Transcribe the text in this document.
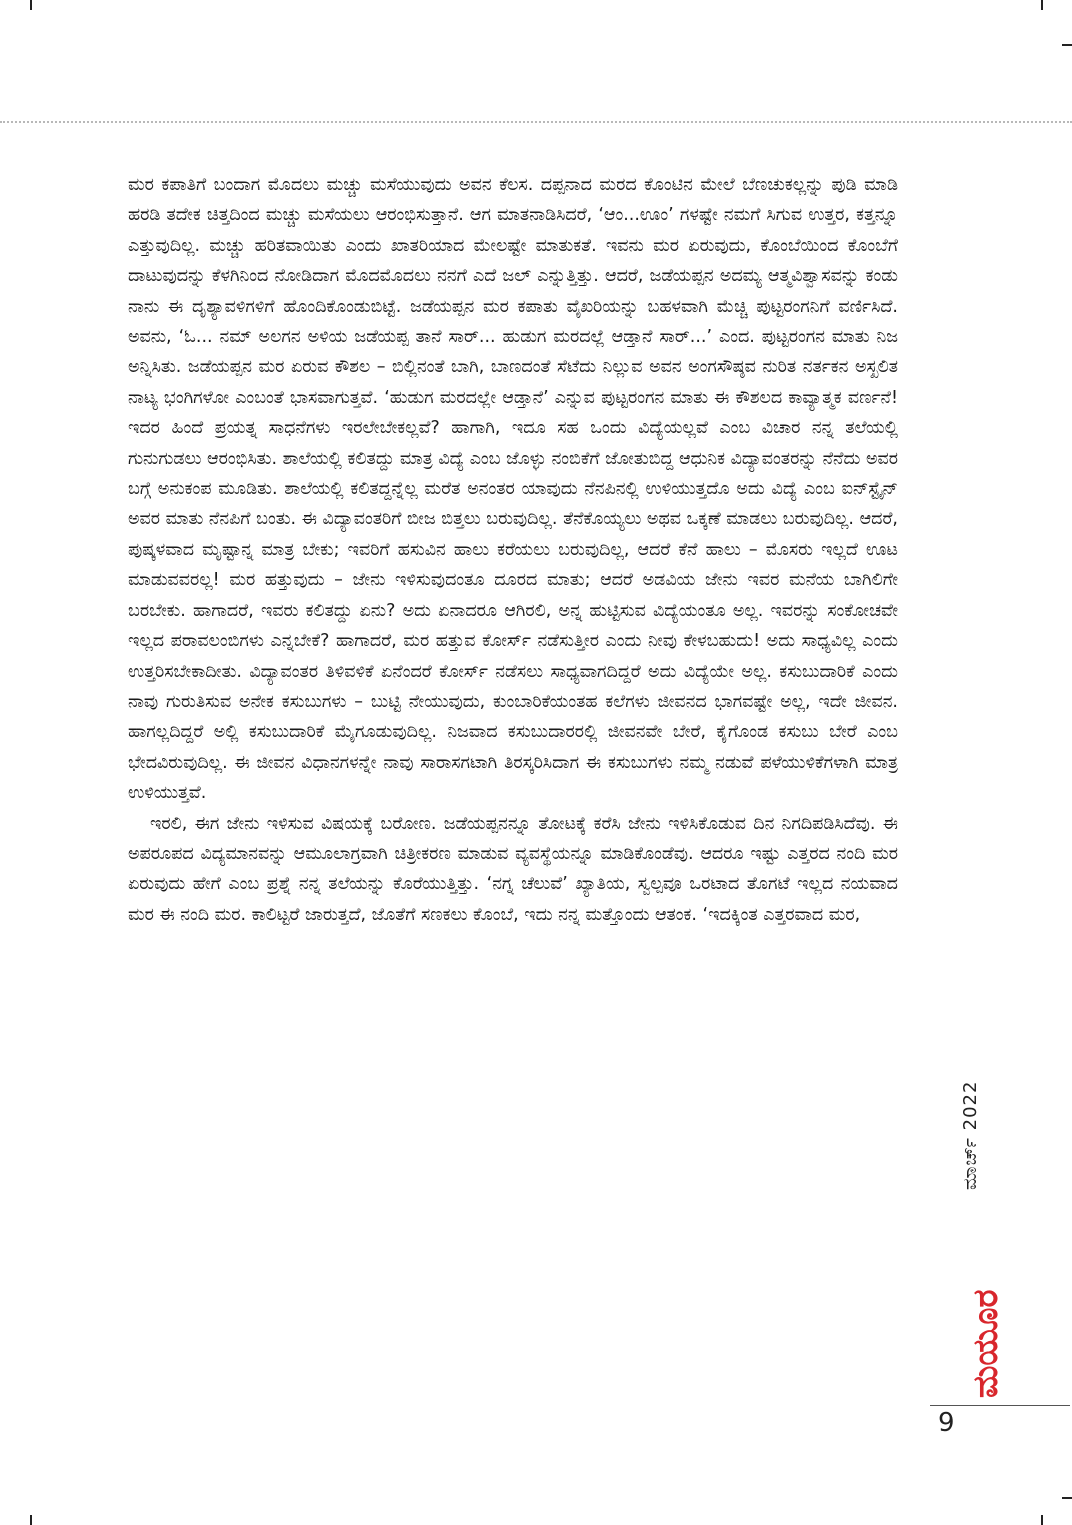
ಮರ ಕಪಾತಿಗೆ ಬಂದಾಗ ಮೊದಲು ಮಚ್ಚು ಮಸೆಯುವುದು ಅವನ ಕೆಲಸ. ದಪ್ಪನಾದ ಮರದ ಕೊಂಟಿನ ಮೇಲೆ ಬೆಣಚುಕಲ್ಲನ್ನು ಪುಡಿ ಮಾಡಿ ಹರಡಿ ತದೇಕ ಚಿತ್ತದಿಂದ ಮಚ್ಚು ಮಸೆಯಲು ಆರಂಭಿಸುತ್ತಾನೆ. ಆಗ ಮಾತನಾಡಿಸಿದರೆ, ‘ಆಂ...ಊಂ’ ಗಳಷ್ಟೇ ನಮಗೆ ಸಿಗುವ ಉತ್ತರ, ಕತ್ತನ್ನೂ ಎತ್ತುವುದಿಲ್ಲ. ಮಚ್ಚು ಹರಿತವಾಯಿತು ಎಂದು ಖಾತರಿಯಾದ ಮೇಲಷ್ಟೇ ಮಾತುಕತೆ. ಇವನು ಮರ ಏರುವುದು, ಕೊಂಬೆಯಿಂದ ಕೊಂಬೆಗೆ ದಾಟುವುದನ್ನು ಕೆಳಗಿನಿಂದ ನೋಡಿದಾಗ ಮೊದಮೊದಲು ನನಗೆ ಎದೆ ಜಲ್ ಎನ್ನುತ್ತಿತ್ತು. ಆದರೆ, ಜಡೆಯಪ್ಪನ ಅದಮ್ಯ ಆತ್ಮವಿಶ್ವಾಸವನ್ನು ಕಂಡು ನಾನು ಈ ದೃಶ್ಯಾವಳಿಗಳಿಗೆ ಹೊಂದಿಕೊಂಡುಬಿಟ್ಟೆ. ಜಡೆಯಪ್ಪನ ಮರ ಕಪಾತು ವೈಖರಿಯನ್ನು ಬಹಳವಾಗಿ ಮೆಚ್ಚಿ ಪುಟ್ಟರಂಗನಿಗೆ ವರ್ಣಿಸಿದೆ. ಅವನು, ‘ಓ... ನಮ್ ಅಲಗನ ಅಳಿಯ ಜಡೆಯಪ್ಪ ತಾನೆ ಸಾರ್... ಹುಡುಗ ಮರದಲ್ಲೆ ಆಡ್ತಾನೆ ಸಾರ್...’ ಎಂದ. ಪುಟ್ಟರಂಗನ ಮಾತು ನಿಜ ಅನ್ನಿಸಿತು. ಜಡೆಯಪ್ಪನ ಮರ ಏರುವ ಕೌಶಲ – ಬಿಲ್ಲಿನಂತೆ ಬಾಗಿ, ಬಾಣದಂತೆ ಸೆಟೆದು ನಿಲ್ಲುವ ಅವನ ಅಂಗಸೌಷ್ಠವ ನುರಿತ ನರ್ತಕನ ಅಸ್ಖಲಿತ ನಾಟ್ಯ ಭಂಗಿಗಳೋ ಎಂಬಂತೆ ಭಾಸವಾಗುತ್ತವೆ. ‘ಹುಡುಗ ಮರದಲ್ಲೇ ಆಡ್ತಾನೆ’ ಎನ್ನುವ ಪುಟ್ಟರಂಗನ ಮಾತು ಈ ಕೌಶಲದ ಕಾವ್ಯಾತ್ಮಕ ವರ್ಣನೆ! ಇದರ ಹಿಂದೆ ಪ್ರಯತ್ನ ಸಾಧನೆಗಳು ಇರಲೇಬೇಕಲ್ಲವೆ? ಹಾಗಾಗಿ, ಇದೂ ಸಹ ಒಂದು ವಿದ್ಯೆಯಲ್ಲವೆ ಎಂಬ ವಿಚಾರ ನನ್ನ ತಲೆಯಲ್ಲಿ ಗುನುಗುಡಲು ಆರಂಭಿಸಿತು. ಶಾಲೆಯಲ್ಲಿ ಕಲಿತದ್ದು ಮಾತ್ರ ವಿದ್ಯೆ ಎಂಬ ಜೊಳ್ಳು ನಂಬಿಕೆಗೆ ಜೋತುಬಿದ್ದ ಆಧುನಿಕ ವಿದ್ಯಾವಂತರನ್ನು ನೆನೆದು ಅವರ ಬಗ್ಗೆ ಅನುಕಂಪ ಮೂಡಿತು. ಶಾಲೆಯಲ್ಲಿ ಕಲಿತದ್ದನ್ನೆಲ್ಲ ಮರೆತ ಅನಂತರ ಯಾವುದು ನೆನಪಿನಲ್ಲಿ ಉಳಿಯುತ್ತದೊ ಅದು ವಿದ್ಯೆ ಎಂಬ ಐನ್‌ಸ್ಟೈನ್ ಅವರ ಮಾತು ನೆನಪಿಗೆ ಬಂತು. ಈ ವಿದ್ಯಾವಂತರಿಗೆ ಬೀಜ ಬಿತ್ತಲು ಬರುವುದಿಲ್ಲ. ತೆನೆಕೊಯ್ಯಲು ಅಥವ ಒಕ್ಕಣೆ ಮಾಡಲು ಬರುವುದಿಲ್ಲ. ಆದರೆ, ಪುಷ್ಕಳವಾದ ಮೃಷ್ಟಾನ್ನ ಮಾತ್ರ ಬೇಕು; ಇವರಿಗೆ ಹಸುವಿನ ಹಾಲು ಕರೆಯಲು ಬರುವುದಿಲ್ಲ, ಆದರೆ ಕೆನೆ ಹಾಲು – ಮೊಸರು ಇಲ್ಲದೆ ಊಟ ಮಾಡುವವರಲ್ಲ! ಮರ ಹತ್ತುವುದು – ಜೇನು ಇಳಿಸುವುದಂತೂ ದೂರದ ಮಾತು; ಆದರೆ ಅಡವಿಯ ಜೇನು ಇವರ ಮನೆಯ ಬಾಗಿಲಿಗೇ ಬರಬೇಕು. ಹಾಗಾದರೆ, ಇವರು ಕಲಿತದ್ದು ಏನು? ಅದು ಏನಾದರೂ ಆಗಿರಲಿ, ಅನ್ನ ಹುಟ್ಟಿಸುವ ವಿದ್ಯೆಯಂತೂ ಅಲ್ಲ. ಇವರನ್ನು ಸಂಕೋಚವೇ ಇಲ್ಲದ ಪರಾವಲಂಬಿಗಳು ಎನ್ನಬೇಕೆ? ಹಾಗಾದರೆ, ಮರ ಹತ್ತುವ ಕೋರ್ಸ್ ನಡೆಸುತ್ತೀರ ಎಂದು ನೀವು ಕೇಳಬಹುದು! ಅದು ಸಾಧ್ಯವಿಲ್ಲ ಎಂದು ಉತ್ತರಿಸಬೇಕಾದೀತು. ವಿದ್ಯಾವಂತರ ತಿಳಿವಳಿಕೆ ಏನೆಂದರೆ ಕೋರ್ಸ್ ನಡೆಸಲು ಸಾಧ್ಯವಾಗದಿದ್ದರೆ ಅದು ವಿದ್ಯೆಯೇ ಅಲ್ಲ. ಕಸುಬುದಾರಿಕೆ ಎಂದು ನಾವು ಗುರುತಿಸುವ ಅನೇಕ ಕಸುಬುಗಳು – ಬುಟ್ಟಿ ನೇಯುವುದು, ಕುಂಬಾರಿಕೆಯಂತಹ ಕಲೆಗಳು ಜೀವನದ ಭಾಗವಷ್ಟೇ ಅಲ್ಲ, ಇದೇ ಜೀವನ. ಹಾಗಲ್ಲದಿದ್ದರೆ ಅಲ್ಲಿ ಕಸುಬುದಾರಿಕೆ ಮೈಗೂಡುವುದಿಲ್ಲ. ನಿಜವಾದ ಕಸುಬುದಾರರಲ್ಲಿ ಜೀವನವೇ ಬೇರೆ, ಕೈಗೊಂಡ ಕಸುಬು ಬೇರೆ ಎಂಬ ಭೇದವಿರುವುದಿಲ್ಲ. ಈ ಜೀವನ ವಿಧಾನಗಳನ್ನೇ ನಾವು ಸಾರಾಸಗಟಾಗಿ ತಿರಸ್ಕರಿಸಿದಾಗ ಈ ಕಸುಬುಗಳು ನಮ್ಮ ನಡುವೆ ಪಳೆಯುಳಿಕೆಗಳಾಗಿ ಮಾತ್ರ ಉಳಿಯುತ್ತವೆ.

ಇರಲಿ, ಈಗ ಜೇನು ಇಳಿಸುವ ವಿಷಯಕ್ಕೆ ಬರೋಣ. ಜಡೆಯಪ್ಪನನ್ನೂ ತೋಟಕ್ಕೆ ಕರೆಸಿ ಜೇನು ಇಳಿಸಿಕೊಡುವ ದಿನ ನಿಗದಿಪಡಿಸಿದೆವು. ಈ ಅಪರೂಪದ ವಿದ್ಯಮಾನವನ್ನು ಆಮೂಲಾಗ್ರವಾಗಿ ಚಿತ್ರೀಕರಣ ಮಾಡುವ ವ್ಯವಸ್ಥೆಯನ್ನೂ ಮಾಡಿಕೊಂಡೆವು. ಆದರೂ ಇಷ್ಟು ಎತ್ತರದ ನಂದಿ ಮರ ಏರುವುದು ಹೇಗೆ ಎಂಬ ಪ್ರಶ್ನೆ ನನ್ನ ತಲೆಯನ್ನು ಕೊರೆಯುತ್ತಿತ್ತು. ‘ನಗ್ನ ಚೆಲುವೆ’ ಖ್ಯಾತಿಯ, ಸ್ವಲ್ಪವೂ ಒರಟಾದ ತೊಗಟೆ ಇಲ್ಲದ ನಯವಾದ ಮರ ಈ ನಂದಿ ಮರ. ಕಾಲಿಟ್ಟರೆ ಜಾರುತ್ತದೆ, ಜೊತೆಗೆ ಸಣಕಲು ಕೊಂಬೆ, ಇದು ನನ್ನ ಮತ್ತೊಂದು ಆತಂಕ. ‘ಇದಕ್ಕಿಂತ ಎತ್ತರವಾದ ಮರ,

ಮಾರ್ಚ್ 2022
ಮಯೂರ
9
